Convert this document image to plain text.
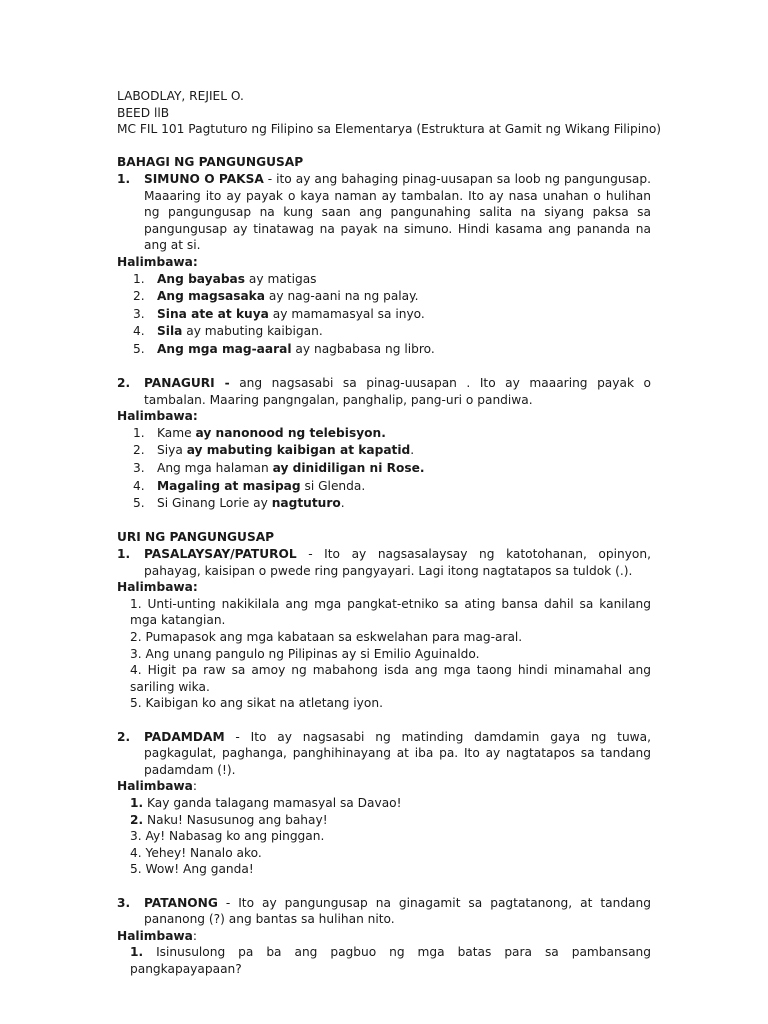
LABODLAY, REJIEL O.

BEED llB

MC FIL 101 Pagtuturo ng Filipino sa Elementarya (Estruktura at Gamit ng Wikang Filipino)

BAHAGI NG PANGUNGUSAP

1. SIMUNO O PAKSA - ito ay ang bahaging pinag-uusapan sa loob ng pangungusap. Maaaring ito ay payak o kaya naman ay tambalan. Ito ay nasa unahan o hulihan ng pangungusap na kung saan ang pangunahing salita na siyang paksa sa pangungusap ay tinatawag na payak na simuno. Hindi kasama ang pananda na ang at si.

Halimbawa:

1. Ang bayabas ay matigas
2. Ang magsasaka ay nag-aani na ng palay.
3. Sina ate at kuya ay mamamasyal sa inyo.
4. Sila ay mabuting kaibigan.
5. Ang mga mag-aaral ay nagbabasa ng libro.
2. PANAGURI - ang nagsasabi sa pinag-uusapan . Ito ay maaaring payak o tambalan. Maaring pangngalan, panghalip, pang-uri o pandiwa.

Halimbawa:

1. Kame ay nanonood ng telebisyon.
2. Siya ay mabuting kaibigan at kapatid.
3. Ang mga halaman ay dinidiligan ni Rose.
4. Magaling at masipag si Glenda.
5. Si Ginang Lorie ay nagtuturo.

URI NG PANGUNGUSAP

1. PASALAYSAY/PATUROL - Ito ay nagsasalaysay ng katotohanan, opinyon, pahayag, kaisipan o pwede ring pangyayari. Lagi itong nagtatapos sa tuldok (.).

Halimbawa:

1. Unti-unting nakikilala ang mga pangkat-etniko sa ating bansa dahil sa kanilang mga katangian.
2. Pumapasok ang mga kabataan sa eskwelahan para mag-aral.
3. Ang unang pangulo ng Pilipinas ay si Emilio Aguinaldo.
4. Higit pa raw sa amoy ng mabahong isda ang mga taong hindi minamahal ang sariling wika.
5. Kaibigan ko ang sikat na atletang iyon.
2. PADAMDAM - Ito ay nagsasabi ng matinding damdamin gaya ng tuwa, pagkagulat, paghanga, panghihinayang at iba pa. Ito ay nagtatapos sa tandang padamdam (!).

Halimbawa:

1. Kay ganda talagang mamasyal sa Davao!
2. Naku! Nasusunog ang bahay!
3. Ay! Nabasag ko ang pinggan.
4. Yehey! Nanalo ako.
5. Wow! Ang ganda!
3. PATANONG - Ito ay pangungusap na ginagamit sa pagtatanong, at tandang pananong (?) ang bantas sa hulihan nito.

Halimbawa:

1. Isinusulong pa ba ang pagbuo ng mga batas para sa pambansang pangkapayapaan?
